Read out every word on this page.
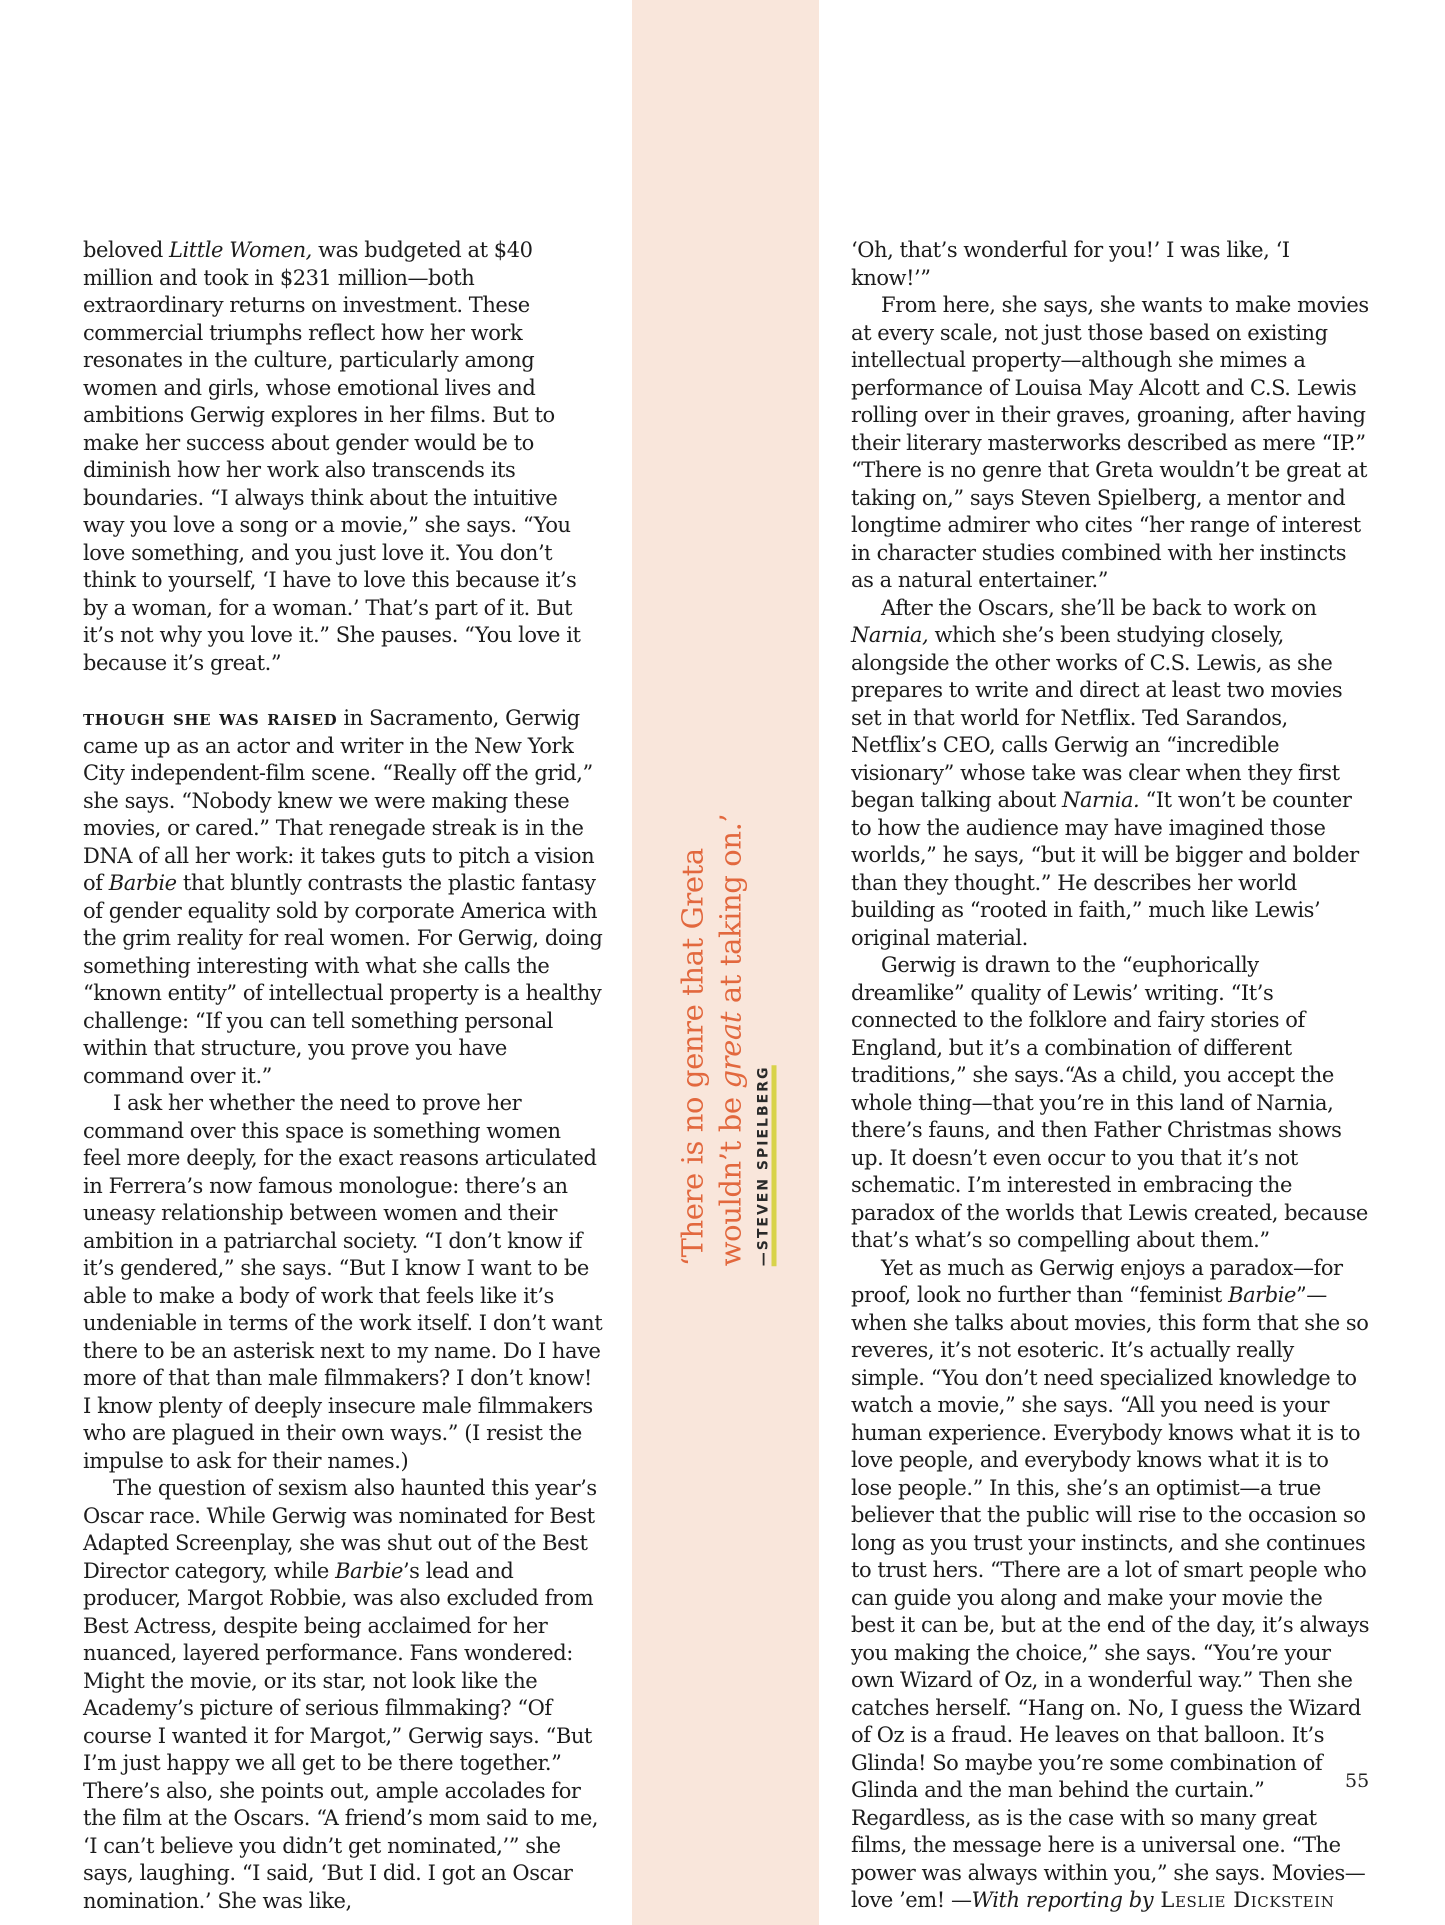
beloved Little Women, was budgeted at $40 million and took in $231 million—both extraordinary returns on investment. These commercial triumphs reflect how her work resonates in the culture, particularly among women and girls, whose emotional lives and ambitions Gerwig explores in her films. But to make her success about gender would be to diminish how her work also transcends its boundaries. “I always think about the intuitive way you love a song or a movie,” she says. “You love something, and you just love it. You don’t think to yourself, ‘I have to love this because it’s by a woman, for a woman.’ That’s part of it. But it’s not why you love it.” She pauses. “You love it because it’s great.”

though she was raised in Sacramento, Gerwig came up as an actor and writer in the New York City independent-film scene. “Really off the grid,” she says. “Nobody knew we were making these movies, or cared.” That renegade streak is in the DNA of all her work: it takes guts to pitch a vision of Barbie that bluntly contrasts the plastic fantasy of gender equality sold by corporate America with the grim reality for real women. For Gerwig, doing something interesting with what she calls the “known entity” of intellectual property is a healthy challenge: “If you can tell something personal within that structure, you prove you have command over it.”

I ask her whether the need to prove her command over this space is something women feel more deeply, for the exact reasons articulated in Ferrera’s now famous monologue: there’s an uneasy relationship between women and their ambition in a patriarchal society. “I don’t know if it’s gendered,” she says. “But I know I want to be able to make a body of work that feels like it’s undeniable in terms of the work itself. I don’t want there to be an asterisk next to my name. Do I have more of that than male filmmakers? I don’t know! I know plenty of deeply insecure male filmmakers who are plagued in their own ways.” (I resist the impulse to ask for their names.)

The question of sexism also haunted this year’s Oscar race. While Gerwig was nominated for Best Adapted Screenplay, she was shut out of the Best Director category, while Barbie’s lead and producer, Margot Robbie, was also excluded from Best Actress, despite being acclaimed for her nuanced, layered performance. Fans wondered: Might the movie, or its star, not look like the Academy’s picture of serious filmmaking? “Of course I wanted it for Margot,” Gerwig says. “But I’m just happy we all get to be there together.” There’s also, she points out, ample accolades for the film at the Oscars. “A friend’s mom said to me, ‘I can’t believe you didn’t get nominated,’” she says, laughing. “I said, ‘But I did. I got an Oscar nomination.’ She was like,

‘There is no genre that Greta wouldn’t be great at taking on.’
—STEVEN SPIELBERG

‘Oh, that’s wonderful for you!’ I was like, ‘I know!’”

From here, she says, she wants to make movies at every scale, not just those based on existing intellectual property—although she mimes a performance of Louisa May Alcott and C.S. Lewis rolling over in their graves, groaning, after having their literary masterworks described as mere “IP.” “There is no genre that Greta wouldn’t be great at taking on,” says Steven Spielberg, a mentor and longtime admirer who cites “her range of interest in character studies combined with her instincts as a natural entertainer.”

After the Oscars, she’ll be back to work on Narnia, which she’s been studying closely, alongside the other works of C.S. Lewis, as she prepares to write and direct at least two movies set in that world for Netflix. Ted Sarandos, Netflix’s CEO, calls Gerwig an “incredible visionary” whose take was clear when they first began talking about Narnia. “It won’t be counter to how the audience may have imagined those worlds,” he says, “but it will be bigger and bolder than they thought.” He describes her world building as “rooted in faith,” much like Lewis’ original material.

Gerwig is drawn to the “euphorically dreamlike” quality of Lewis’ writing. “It’s connected to the folklore and fairy stories of England, but it’s a combination of different traditions,” she says.“As a child, you accept the whole thing—that you’re in this land of Narnia, there’s fauns, and then Father Christmas shows up. It doesn’t even occur to you that it’s not schematic. I’m interested in embracing the paradox of the worlds that Lewis created, because that’s what’s so compelling about them.”

Yet as much as Gerwig enjoys a paradox—for proof, look no further than “feminist Barbie”—when she talks about movies, this form that she so reveres, it’s not esoteric. It’s actually really simple. “You don’t need specialized knowledge to watch a movie,” she says. “All you need is your human experience. Everybody knows what it is to love people, and everybody knows what it is to lose people.” In this, she’s an optimist—a true believer that the public will rise to the occasion so long as you trust your instincts, and she continues to trust hers. “There are a lot of smart people who can guide you along and make your movie the best it can be, but at the end of the day, it’s always you making the choice,” she says. “You’re your own Wizard of Oz, in a wonderful way.” Then she catches herself. “Hang on. No, I guess the Wizard of Oz is a fraud. He leaves on that balloon. It’s Glinda! So maybe you’re some combination of Glinda and the man behind the curtain.” Regardless, as is the case with so many great films, the message here is a universal one. “The power was always within you,” she says. Movies—love ’em! —With reporting by Leslie Dickstein

55
